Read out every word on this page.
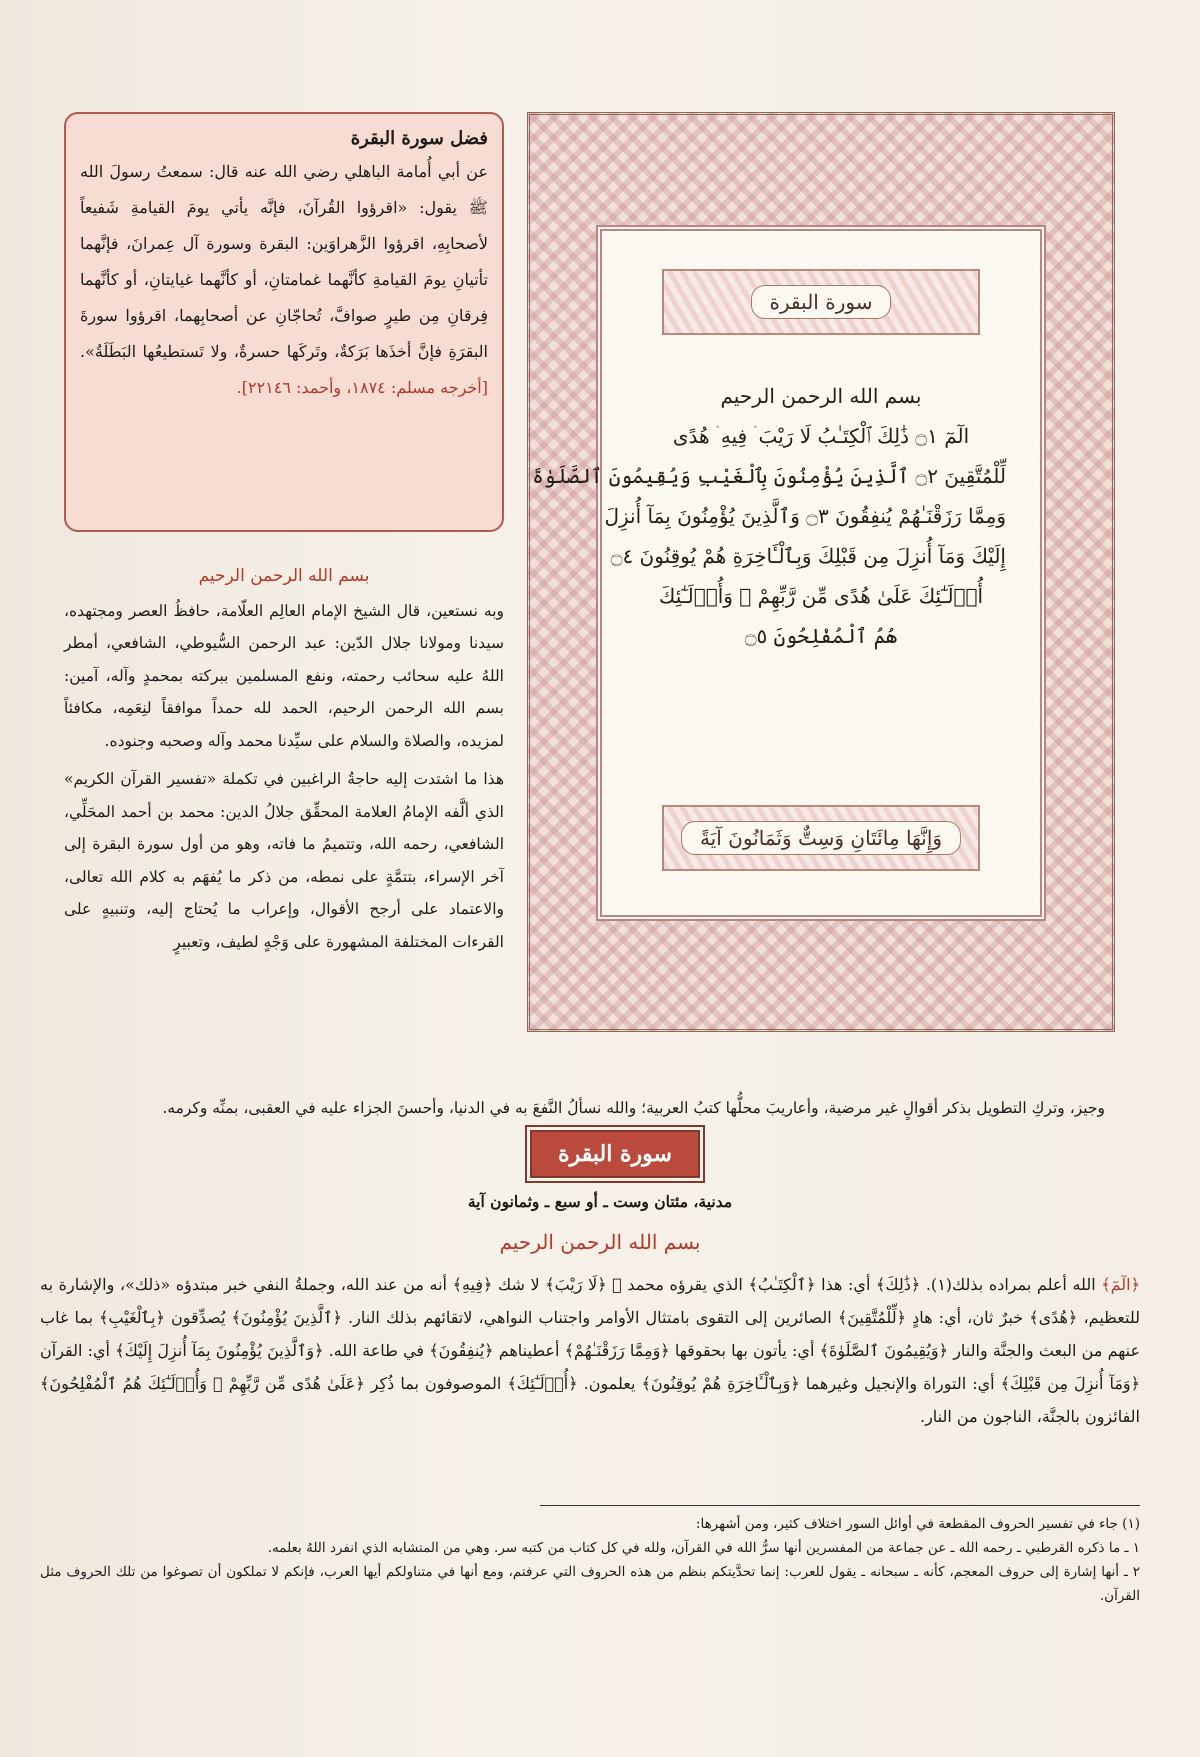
سورة البقرة
بسم الله الرحمن الرحيم
الٓمٓ ۝١ ذَٰلِكَ ٱلْكِتَـٰبُ لَا رَيْبَ ۛ فِيهِ ۛ هُدًى
لِّلْمُتَّقِينَ ۝٢ ٱلَّذِينَ يُؤْمِنُونَ بِٱلْغَيْبِ وَيُقِيمُونَ ٱلصَّلَوٰةَ
وَمِمَّا رَزَقْنَـٰهُمْ يُنفِقُونَ ۝٣ وَٱلَّذِينَ يُؤْمِنُونَ بِمَآ أُنزِلَ
إِلَيْكَ وَمَآ أُنزِلَ مِن قَبْلِكَ وَبِٱلْـَٔاخِرَةِ هُمْ يُوقِنُونَ ۝٤
أُو۟لَـٰٓئِكَ عَلَىٰ هُدًى مِّن رَّبِّهِمْ ۖ وَأُو۟لَـٰٓئِكَ
هُمُ ٱلْمُفْلِحُونَ ۝٥
وَإِنَّهَا مِائَتَانِ وَسِتٌّ وَثَمَانُونَ آيَةً
فضل سورة البقرة
عن أبي أُمامة الباهلي رضي الله عنه قال: سمعتُ رسولَ الله ﷺ يقول: «اقرؤوا القُرآنَ، فإنَّه يأتي يومَ القيامةِ شَفيعاً لأصحابِهِ، اقرؤوا الزَّهراوَين: البقرة وسورة آل عِمرانَ، فإنَّهما تأتيانِ يومَ القيامةِ كأنَّهما غمامتانِ، أو كأنَّهما غيايتانِ، أو كأنَّهما فِرقانِ مِن طيرٍ صوافَّ، تُحاجّانِ عن أصحابِهما، اقرؤوا سورةَ البقرَةِ فإنَّ أخذَها بَرَكةٌ، وتَركَها حسرةٌ، ولا تَستطيعُها البَطَلَةُ». [أخرجه مسلم: ١٨٧٤، وأحمد: ٢٢١٤٦].

بسم الله الرحمن الرحيم

وبه نستعين، قال الشيخ الإمام العالِم العلّامة، حافظُ العصر ومجتهده، سيدنا ومولانا جلال الدّين: عبد الرحمن السُّيوطي، الشافعي، أمطر اللهُ عليه سحائب رحمته، ونفع المسلمين ببركته بمحمدٍ وآله، آمين: بسم الله الرحمن الرحيم، الحمد لله حمداً موافقاً لنِعَمِه، مكافئاً لمزيده، والصلاة والسلام على سيِّدنا محمد وآله وصحبه وجنوده.

هذا ما اشتدت إليه حاجةُ الراغبين في تكملة «تفسير القرآن الكريم» الذي ألَّفه الإمامُ العلامة المحقِّق جلالُ الدين: محمد بن أحمد المحَلِّي، الشافعي، رحمه الله، وتتميمُ ما فاته، وهو من أول سورة البقرة إلى آخر الإسراء، بتتمَّةٍ على نمطه، من ذكر ما يُفهَم به كلام الله تعالى، والاعتماد على أرجح الأقوال، وإعراب ما يُحتاج إليه، وتنبيهٍ على القرءات المختلفة المشهورة على وَجْهٍ لطيف، وتعبيرٍ

وجيز، وتركِ التطويل بذكر أقوالٍ غير مرضية، وأعاريبَ محلُّها كتبُ العربية؛ والله نسألُ النَّفعَ به في الدنيا، وأحسنَ الجزاء عليه في العقبى، بمنِّه وكرمه.
سورة البقرة
مدنية، مئتان وست ـ أو سبع ـ وثمانون آية
بسم الله الرحمن الرحيم
﴿الٓمٓ﴾ الله أعلم بمراده بذلك(١). ﴿ذَٰلِكَ﴾ أي: هذا ﴿ٱلْكِتَـٰبُ﴾ الذي يقرؤه محمد ﷺ ﴿لَا رَيْبَ﴾ لا شك ﴿فِيهِ﴾ أنه من عند الله، وجملةُ النفي خبر مبتدؤه «ذلك»، والإشارة به للتعظيم، ﴿هُدًى﴾ خبرٌ ثان، أي: هادٍ ﴿لِّلْمُتَّقِينَ﴾ الصائرين إلى التقوى بامتثال الأوامر واجتناب النواهي، لاتقائهم بذلك النار. ﴿ٱلَّذِينَ يُؤْمِنُونَ﴾ يُصدِّقون ﴿بِٱلْغَيْبِ﴾ بما غاب عنهم من البعث والجنَّة والنار ﴿وَيُقِيمُونَ ٱلصَّلَوٰةَ﴾ أي: يأتون بها بحقوقها ﴿وَمِمَّا رَزَقْنَـٰهُمْ﴾ أعطيناهم ﴿يُنفِقُونَ﴾ في طاعة الله. ﴿وَٱلَّذِينَ يُؤْمِنُونَ بِمَآ أُنزِلَ إِلَيْكَ﴾ أي: القرآن ﴿وَمَآ أُنزِلَ مِن قَبْلِكَ﴾ أي: التوراة والإنجيل وغيرهما ﴿وَبِٱلْـَٔاخِرَةِ هُمْ يُوقِنُونَ﴾ يعلمون. ﴿أُو۟لَـٰٓئِكَ﴾ الموصوفون بما ذُكِر ﴿عَلَىٰ هُدًى مِّن رَّبِّهِمْ ۖ وَأُو۟لَـٰٓئِكَ هُمُ ٱلْمُفْلِحُونَ﴾ الفائزون بالجنَّة، الناجون من النار.

(١) جاء في تفسير الحروف المقطعة في أوائل السور اختلاف كثير، ومن أشهرها:

١ ـ ما ذكره القرطبي ـ رحمه الله ـ عن جماعة من المفسرين أنها سرُّ الله في القرآن، ولله في كل كتاب من كتبه سر. وهي من المتشابه الذي انفرد اللهُ بعلمه.

٢ ـ أنها إشارة إلى حروف المعجم، كأنه ـ سبحانه ـ يقول للعرب: إنما تحدَّيتكم بنظم من هذه الحروف التي عرفتم، ومع أنها في متناولكم أيها العرب، فإنكم لا تملكون أن تصوغوا من تلك الحروف مثل القرآن.
